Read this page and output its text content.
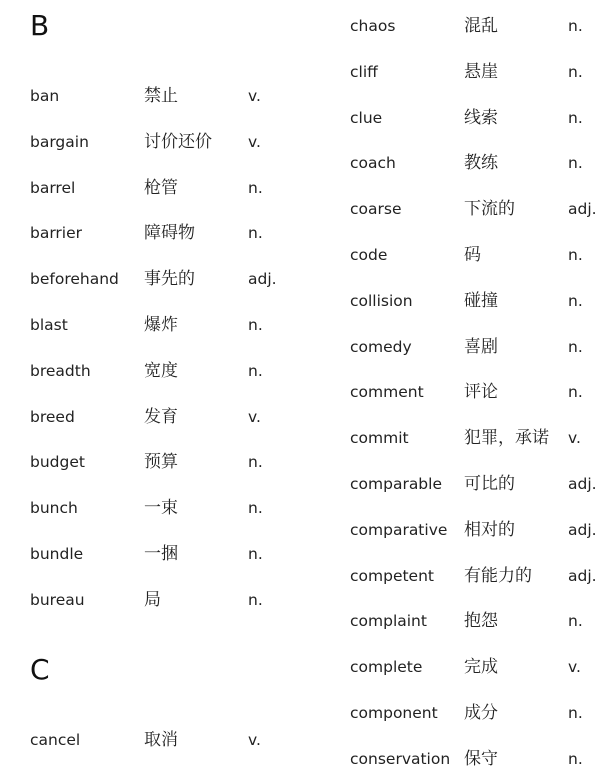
B
ban	禁止	v.
bargain	讨价还价 v.
barrel	枪管	n.
barrier	障碍物	n.
beforehand 事先的	adj.
blast	爆炸	n.
breadth	宽度	n.
breed	发育	v.
budget	预算	n.
bunch	一束	n.
bundle	一捆	n.
bureau	局	n.
C
cancel	取消	v.
chaos	混乱	n.
cliff	悬崖	n.
clue	线索	n.
coach	教练	n.
coarse	下流的	adj.
code	码	n.
collision	碰撞	n.
comedy	喜剧	n.
comment 评论	n.
commit	犯罪，承诺 v.
comparable 可比的	adj.
comparative 相对的	adj.
competent 有能力的 adj.
complaint 抱怨	n.
complete 完成	v.
component 成分	n.
conservation 保守	n.
